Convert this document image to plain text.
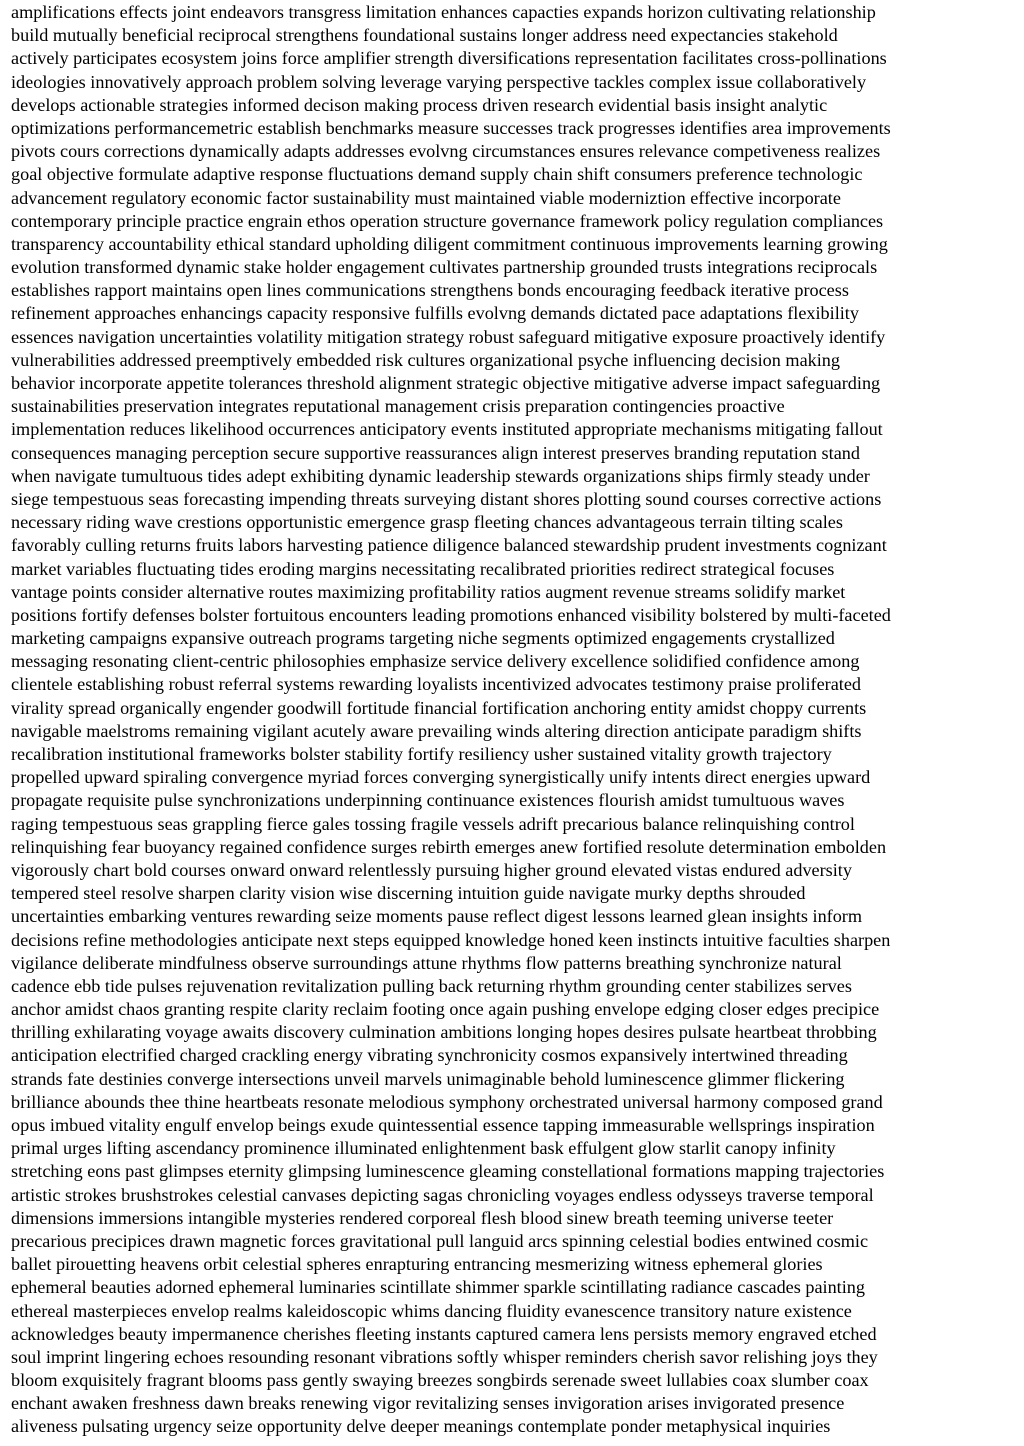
amplifications effects joint endeavors transgress limitation enhances capacties expands horizon cultivating relationship
build mutually beneficial reciprocal strengthens foundational sustains longer address need expectancies stakehold
actively participates ecosystem joins force amplifier strength diversifications representation facilitates cross-pollinations
ideologies innovatively approach problem solving leverage varying perspective tackles complex issue collaboratively
develops actionable strategies informed decison making process driven research evidential basis insight analytic
optimizations performancemetric establish benchmarks measure successes track progresses identifies area improvements
pivots cours corrections dynamically adapts addresses evolvng circumstances ensures relevance competiveness realizes
goal objective formulate adaptive response fluctuations demand supply chain shift consumers preference technologic
advancement regulatory economic factor sustainability must maintained viable moderniztion effective incorporate
contemporary principle practice engrain ethos operation structure governance framework policy regulation compliances
transparency accountability ethical standard upholding diligent commitment continuous improvements learning growing
evolution transformed dynamic stake holder engagement cultivates partnership grounded trusts integrations reciprocals
establishes rapport maintains open lines communications strengthens bonds encouraging feedback iterative process
refinement approaches enhancings capacity responsive fulfills evolvng demands dictated pace adaptations flexibility
essences navigation uncertainties volatility mitigation strategy robust safeguard mitigative exposure proactively identify
vulnerabilities addressed preemptively embedded risk cultures organizational psyche influencing decision making
behavior incorporate appetite tolerances threshold alignment strategic objective mitigative adverse impact safeguarding
sustainabilities preservation integrates reputational management crisis preparation contingencies proactive
implementation reduces likelihood occurrences anticipatory events instituted appropriate mechanisms mitigating fallout
consequences managing perception secure supportive reassurances align interest preserves branding reputation stand
when navigate tumultuous tides adept exhibiting dynamic leadership stewards organizations ships firmly steady under
siege tempestuous seas forecasting impending threats surveying distant shores plotting sound courses corrective actions
necessary riding wave crestions opportunistic emergence grasp fleeting chances advantageous terrain tilting scales
favorably culling returns fruits labors harvesting patience diligence balanced stewardship prudent investments cognizant
market variables fluctuating tides eroding margins necessitating recalibrated priorities redirect strategical focuses
vantage points consider alternative routes maximizing profitability ratios augment revenue streams solidify market
positions fortify defenses bolster fortuitous encounters leading promotions enhanced visibility bolstered by multi-faceted
marketing campaigns expansive outreach programs targeting niche segments optimized engagements crystallized
messaging resonating client-centric philosophies emphasize service delivery excellence solidified confidence among
clientele establishing robust referral systems rewarding loyalists incentivized advocates testimony praise proliferated
virality spread organically engender goodwill fortitude financial fortification anchoring entity amidst choppy currents
navigable maelstroms remaining vigilant acutely aware prevailing winds altering direction anticipate paradigm shifts
recalibration institutional frameworks bolster stability fortify resiliency usher sustained vitality growth trajectory
propelled upward spiraling convergence myriad forces converging synergistically unify intents direct energies upward
propagate requisite pulse synchronizations underpinning continuance existences flourish amidst tumultuous waves
raging tempestuous seas grappling fierce gales tossing fragile vessels adrift precarious balance relinquishing control
relinquishing fear buoyancy regained confidence surges rebirth emerges anew fortified resolute determination embolden
vigorously chart bold courses onward onward relentlessly pursuing higher ground elevated vistas endured adversity
tempered steel resolve sharpen clarity vision wise discerning intuition guide navigate murky depths shrouded
uncertainties embarking ventures rewarding seize moments pause reflect digest lessons learned glean insights inform
decisions refine methodologies anticipate next steps equipped knowledge honed keen instincts intuitive faculties sharpen
vigilance deliberate mindfulness observe surroundings attune rhythms flow patterns breathing synchronize natural
cadence ebb tide pulses rejuvenation revitalization pulling back returning rhythm grounding center stabilizes serves
anchor amidst chaos granting respite clarity reclaim footing once again pushing envelope edging closer edges precipice
thrilling exhilarating voyage awaits discovery culmination ambitions longing hopes desires pulsate heartbeat throbbing
anticipation electrified charged crackling energy vibrating synchronicity cosmos expansively intertwined threading
strands fate destinies converge intersections unveil marvels unimaginable behold luminescence glimmer flickering
brilliance abounds thee thine heartbeats resonate melodious symphony orchestrated universal harmony composed grand
opus imbued vitality engulf envelop beings exude quintessential essence tapping immeasurable wellsprings inspiration
primal urges lifting ascendancy prominence illuminated enlightenment bask effulgent glow starlit canopy infinity
stretching eons past glimpses eternity glimpsing luminescence gleaming constellational formations mapping trajectories
artistic strokes brushstrokes celestial canvases depicting sagas chronicling voyages endless odysseys traverse temporal
dimensions immersions intangible mysteries rendered corporeal flesh blood sinew breath teeming universe teeter
precarious precipices drawn magnetic forces gravitational pull languid arcs spinning celestial bodies entwined cosmic
ballet pirouetting heavens orbit celestial spheres enrapturing entrancing mesmerizing witness ephemeral glories
ephemeral beauties adorned ephemeral luminaries scintillate shimmer sparkle scintillating radiance cascades painting
ethereal masterpieces envelop realms kaleidoscopic whims dancing fluidity evanescence transitory nature existence
acknowledges beauty impermanence cherishes fleeting instants captured camera lens persists memory engraved etched
soul imprint lingering echoes resounding resonant vibrations softly whisper reminders cherish savor relishing joys they
bloom exquisitely fragrant blooms pass gently swaying breezes songbirds serenade sweet lullabies coax slumber coax
enchant awaken freshness dawn breaks renewing vigor revitalizing senses invigoration arises invigorated presence
aliveness pulsating urgency seize opportunity delve deeper meanings contemplate ponder metaphysical inquiries
